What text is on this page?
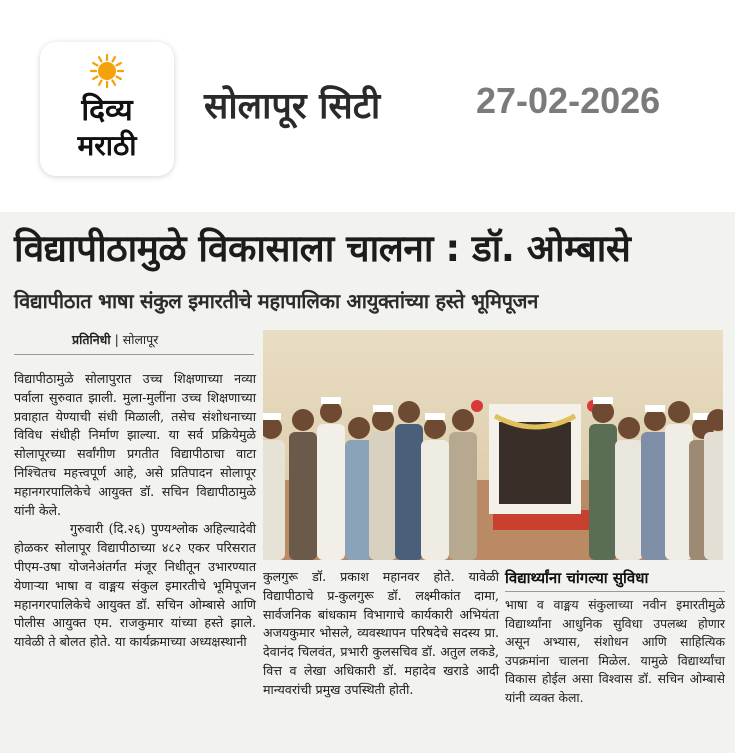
दिव्य
मराठी
सोलापूर सिटी	27-02-2026
विद्यापीठामुळे विकासाला चालना : डॉ. ओम्बासे
विद्यापीठात भाषा संकुल इमारतीचे महापालिका आयुक्तांच्या हस्ते भूमिपूजन
प्रतिनिधी | सोलापूर

विद्यापीठामुळे सोलापुरात उच्च शिक्षणाच्या नव्या पर्वाला सुरुवात झाली. मुला-मुलींना उच्च शिक्षणाच्या प्रवाहात येण्याची संधी मिळाली, तसेच संशोधनाच्या विविध संधीही निर्माण झाल्या. या सर्व प्रक्रियेमुळे सोलापूरच्या सर्वांगीण प्रगतीत विद्यापीठाचा वाटा निश्चितच महत्त्वपूर्ण आहे, असे प्रतिपादन सोलापूर महानगरपालिकेचे आयुक्त डॉ. सचिन विद्यापीठामुळे यांनी केले.

गुरुवारी (दि.२६) पुण्यश्लोक अहिल्यादेवी होळकर सोलापूर विद्यापीठाच्या ४८२ एकर परिसरात पीएम-उषा योजनेअंतर्गत मंजूर निधीतून उभारण्यात येणाऱ्या भाषा व वाङ्मय संकुल इमारतीचे भूमिपूजन महानगरपालिकेचे आयुक्त डॉ. सचिन ओम्बासे आणि पोलीस आयुक्त एम. राजकुमार यांच्या हस्ते झाले. यावेळी ते बोलत होते. या कार्यक्रमाच्या अध्यक्षस्थानी

कुलगुरू डॉ. प्रकाश महानवर होते. यावेळी विद्यापीठाचे प्र-कुलगुरू डॉ. लक्ष्मीकांत दामा, सार्वजनिक बांधकाम विभागाचे कार्यकारी अभियंता अजयकुमार भोसले, व्यवस्थापन परिषदेचे सदस्य प्रा. देवानंद चिलवंत, प्रभारी कुलसचिव डॉ. अतुल लकडे, वित्त व लेखा अधिकारी डॉ. महादेव खराडे आदी मान्यवरांची प्रमुख उपस्थिती होती.
विद्यार्थ्यांना चांगल्या सुविधा
भाषा व वाङ्मय संकुलाच्या नवीन इमारतीमुळे विद्यार्थ्यांना आधुनिक सुविधा उपलब्ध होणार असून अभ्यास, संशोधन आणि साहित्यिक उपक्रमांना चालना मिळेल. यामुळे विद्यार्थ्यांचा विकास होईल असा विश्वास डॉ. सचिन ओम्बासे यांनी व्यक्त केला.
